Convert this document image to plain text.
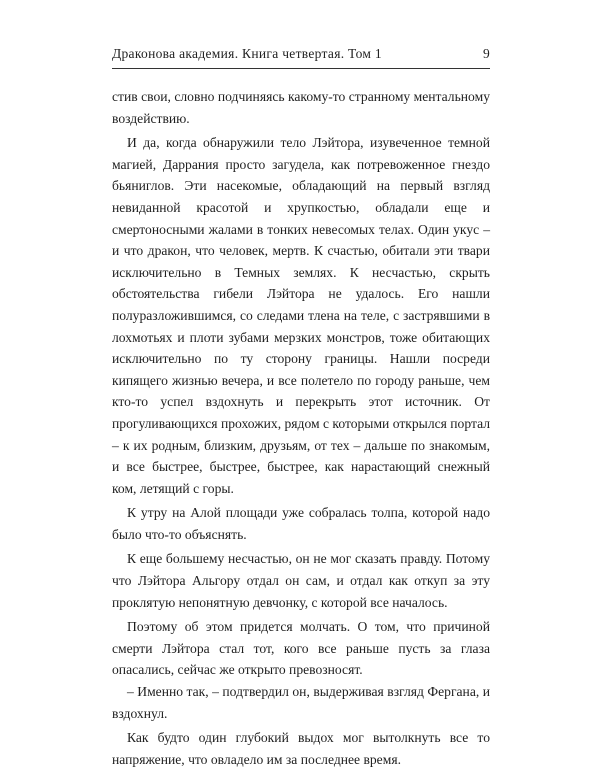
Драконова академия. Книга четвертая. Том 1	9

стив свои, словно подчиняясь какому-то странному ментальному воздействию.

И да, когда обнаружили тело Лэйтора, изувеченное темной магией, Даррания просто загудела, как потревоженное гнездо бьяниглов. Эти насекомые, обладающий на первый взгляд невиданной красотой и хрупкостью, обладали еще и смертоносными жалами в тонких невесомых телах. Один укус – и что дракон, что человек, мертв. К счастью, обитали эти твари исключительно в Темных землях. К несчастью, скрыть обстоятельства гибели Лэйтора не удалось. Его нашли полуразложившимся, со следами тлена на теле, с застрявшими в лохмотьях и плоти зубами мерзких монстров, тоже обитающих исключительно по ту сторону границы. Нашли посреди кипящего жизнью вечера, и все полетело по городу раньше, чем кто-то успел вздохнуть и перекрыть этот источник. От прогуливающихся прохожих, рядом с которыми открылся портал – к их родным, близким, друзьям, от тех – дальше по знакомым, и все быстрее, быстрее, быстрее, как нарастающий снежный ком, летящий с горы.

К утру на Алой площади уже собралась толпа, которой надо было что-то объяснять.

К еще большему несчастью, он не мог сказать правду. Потому что Лэйтора Альгору отдал он сам, и отдал как откуп за эту проклятую непонятную девчонку, с которой все началось.

Поэтому об этом придется молчать. О том, что причиной смерти Лэйтора стал тот, кого все раньше пусть за глаза опасались, сейчас же открыто превозносят.

– Именно так, – подтвердил он, выдерживая взгляд Фергана, и вздохнул.

Как будто один глубокий выдох мог вытолкнуть все то напряжение, что овладело им за последнее время.
